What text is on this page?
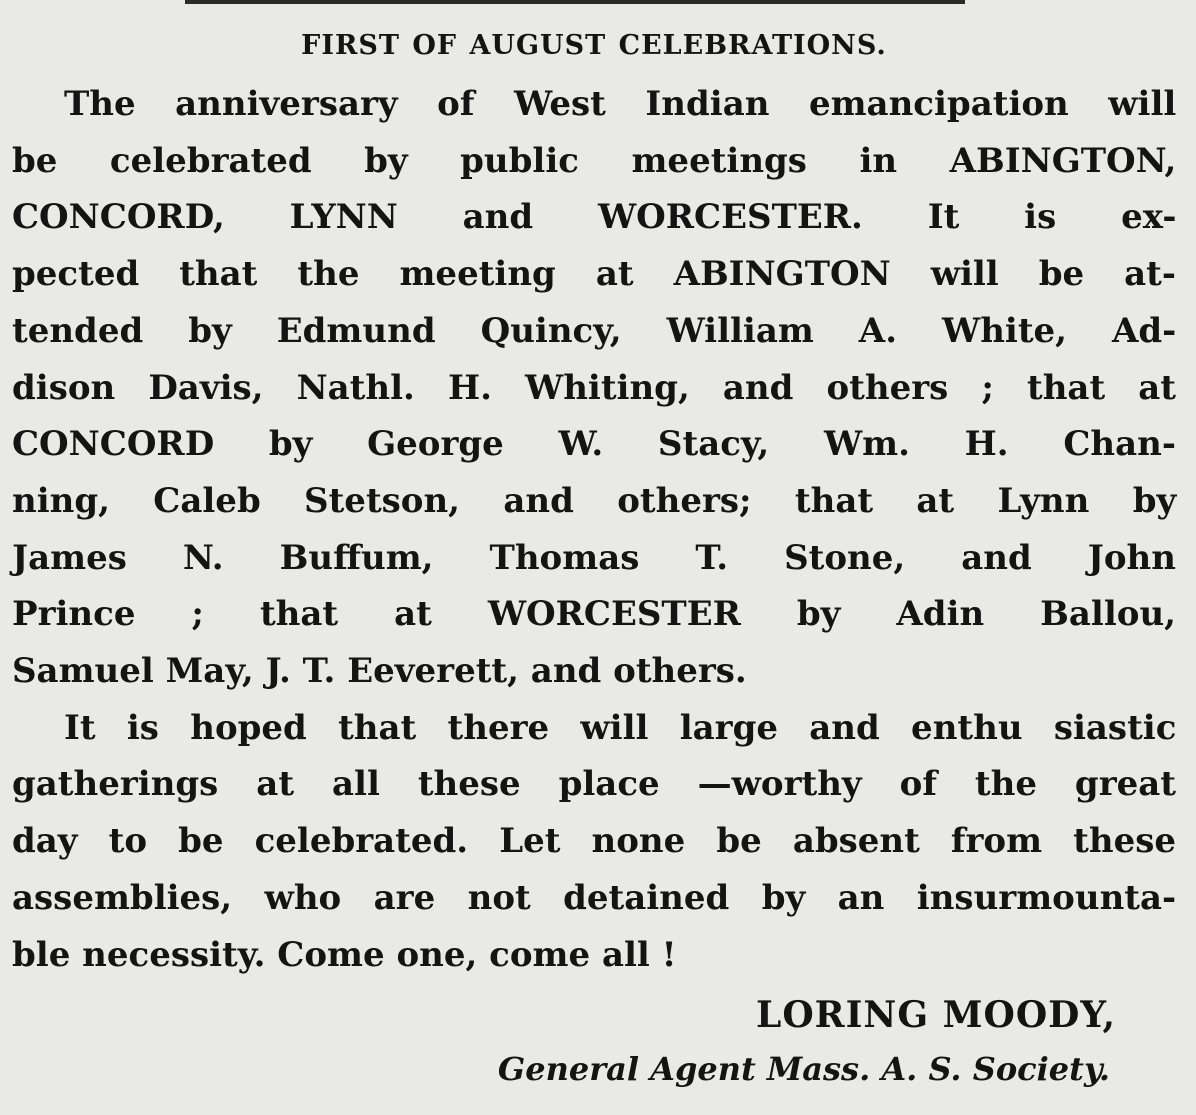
FIRST OF AUGUST CELEBRATIONS.
The anniversary of West Indian emancipation will
be celebrated by public meetings in ABINGTON,
CONCORD, LYNN and WORCESTER. It is ex-
pected that the meeting at ABINGTON will be at-
tended by Edmund Quincy, William A. White, Ad-
dison Davis, Nathl. H. Whiting, and others ; that at
CONCORD by George W. Stacy, Wm. H. Chan-
ning, Caleb Stetson, and others; that at Lynn by
James N. Buffum, Thomas T. Stone, and John
Prince ; that at WORCESTER by Adin Ballou,
Samuel May, J. T. Eeverett, and others.
It is hoped that there will large and enthu siastic
gatherings at all these place —worthy of the great
day to be celebrated. Let none be absent from these
assemblies, who are not detained by an insurmounta-
ble necessity. Come one, come all !
LORING MOODY,
General Agent Mass. A. S. Society.
